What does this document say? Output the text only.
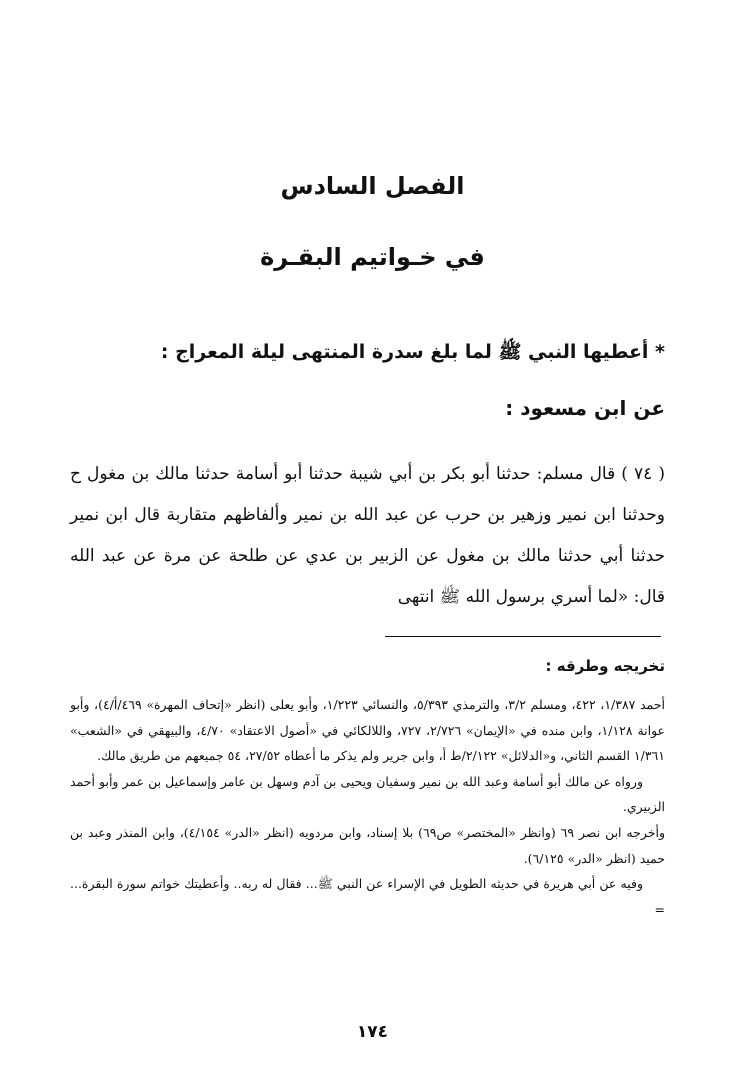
الفصل السادس
في خـواتيم البقـرة
* أعطيها النبي ﷺ لما بلغ سدرة المنتهى ليلة المعراج :
عن ابن مسعود :

( ٧٤ ) قال مسلم: حدثنا أبو بكر بن أبي شيبة حدثنا أبو أسامة حدثنا مالك بن مغول ح وحدثنا ابن نمير وزهير بن حرب عن عبد الله بن نمير وألفاظهم متقاربة قال ابن نمير حدثنا أبي حدثنا مالك بن مغول عن الزبير بن عدي عن طلحة عن مرة عن عبد الله قال: «لما أسري برسول الله ﷺ انتهى

تخريجه وطرقه :

أحمد ١/٣٨٧، ٤٢٢، ومسلم ٣/٢، والترمذي ٥/٣٩٣، والنسائي ١/٢٢٣، وأبو يعلى (انظر «إتحاف المهرة» ٤٦٩/أ/٤)، وأبو عوانة ١/١٢٨، وابن منده في «الإيمان» ٢/٧٢٦، ٧٢٧، واللالكائي في «أصول الاعتقاد» ٤/٧٠، والبيهقي في «الشعب» ١/٣٦١ القسم الثاني، و«الدلائل» ٢/١٢٢/ط أ، وابن جرير ولم يذكر ما أعطاه ٢٧/٥٢، ٥٤ جميعهم من طريق مالك.

ورواه عن مالك أبو أسامة وعبد الله بن نمير وسفيان ويحيى بن آدم وسهل بن عامر وإسماعيل بن عمر وأبو أحمد الزبيري.

وأخرجه ابن نصر ٦٩ (وانظر «المختصر» ص٦٩) بلا إسناد، وابن مردويه (انظر «الدر» ٤/١٥٤)، وابن المنذر وعبد بن حميد (انظر «الدر» ٦/١٢٥).

وفيه عن أبي هريرة في حديثه الطويل في الإسراء عن النبي ﷺ... فقال له ربه.. وأعطيتك خواتم سورة البقرة... =

١٧٤
